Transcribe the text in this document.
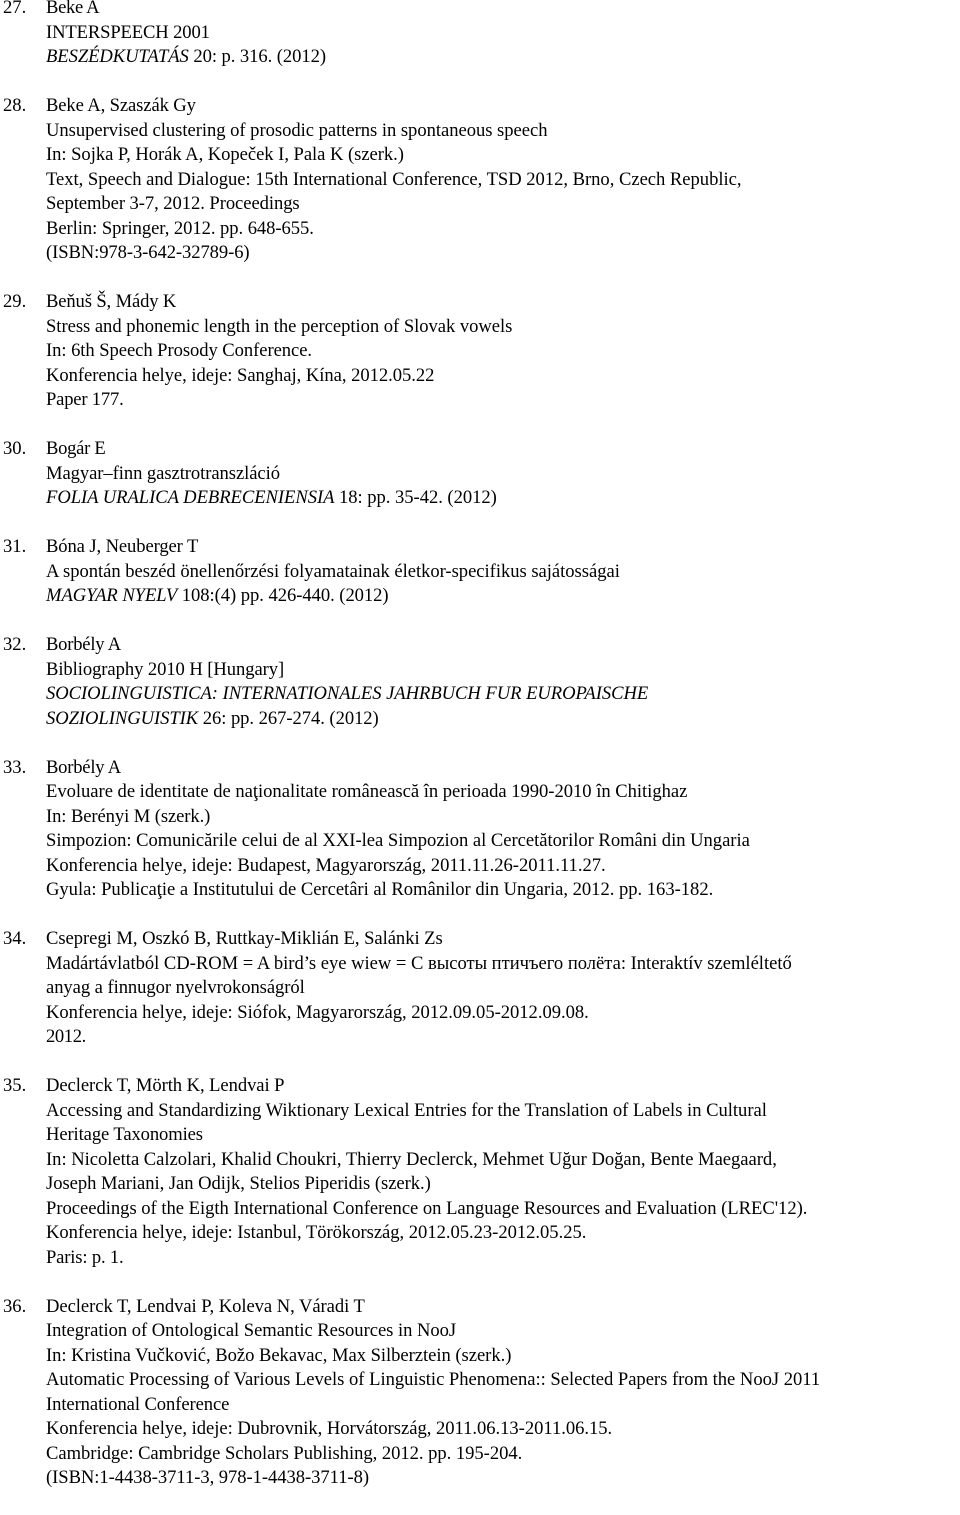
27. Beke A
INTERSPEECH 2001
BESZÉDKUTATÁS 20: p. 316. (2012)
28. Beke A, Szaszák Gy
Unsupervised clustering of prosodic patterns in spontaneous speech
In: Sojka P, Horák A, Kopeček I, Pala K (szerk.)
Text, Speech and Dialogue: 15th International Conference, TSD 2012, Brno, Czech Republic,
September 3-7, 2012. Proceedings
Berlin: Springer, 2012. pp. 648-655.
(ISBN:978-3-642-32789-6)
29. Beňuš Š, Mády K
Stress and phonemic length in the perception of Slovak vowels
In: 6th Speech Prosody Conference.
Konferencia helye, ideje: Sanghaj, Kína, 2012.05.22
Paper 177.
30. Bogár E
Magyar–finn gasztrotranszláció
FOLIA URALICA DEBRECENIENSIA 18: pp. 35-42. (2012)
31. Bóna J, Neuberger T
A spontán beszéd önellenőrzési folyamatainak életkor-specifikus sajátosságai
MAGYAR NYELV 108:(4) pp. 426-440. (2012)
32. Borbély A
Bibliography 2010 H [Hungary]
SOCIOLINGUISTICA: INTERNATIONALES JAHRBUCH FUR EUROPAISCHE
SOZIOLINGUISTIK 26: pp. 267-274. (2012)
33. Borbély A
Evoluare de identitate de naţionalitate românească în perioada 1990-2010 în Chitighaz
In: Berényi M (szerk.)
Simpozion: Comunicările celui de al XXI-lea Simpozion al Cercetătorilor Români din Ungaria
Konferencia helye, ideje: Budapest, Magyarország, 2011.11.26-2011.11.27.
Gyula: Publicaţie a Institutului de Cercetâri al Românilor din Ungaria, 2012. pp. 163-182.
34. Csepregi M, Oszkó B, Ruttkay-Miklián E, Salánki Zs
Madártávlatból CD-ROM = A bird’s eye wiew = С высоты птичъего полёта: Interaktív szemléltető
anyag a finnugor nyelvrokonságról
Konferencia helye, ideje: Siófok, Magyarország, 2012.09.05-2012.09.08.
2012.
35. Declerck T, Mörth K, Lendvai P
Accessing and Standardizing Wiktionary Lexical Entries for the Translation of Labels in Cultural
Heritage Taxonomies
In: Nicoletta Calzolari, Khalid Choukri, Thierry Declerck, Mehmet Uğur Doğan, Bente Maegaard,
Joseph Mariani, Jan Odijk, Stelios Piperidis (szerk.)
Proceedings of the Eigth International Conference on Language Resources and Evaluation (LREC'12).
Konferencia helye, ideje: Istanbul, Törökország, 2012.05.23-2012.05.25.
Paris: p. 1.
36. Declerck T, Lendvai P, Koleva N, Váradi T
Integration of Ontological Semantic Resources in NooJ
In: Kristina Vučković, Božo Bekavac, Max Silberztein (szerk.)
Automatic Processing of Various Levels of Linguistic Phenomena:: Selected Papers from the NooJ 2011
International Conference
Konferencia helye, ideje: Dubrovnik, Horvátország, 2011.06.13-2011.06.15.
Cambridge: Cambridge Scholars Publishing, 2012. pp. 195-204.
(ISBN:1-4438-3711-3, 978-1-4438-3711-8)
